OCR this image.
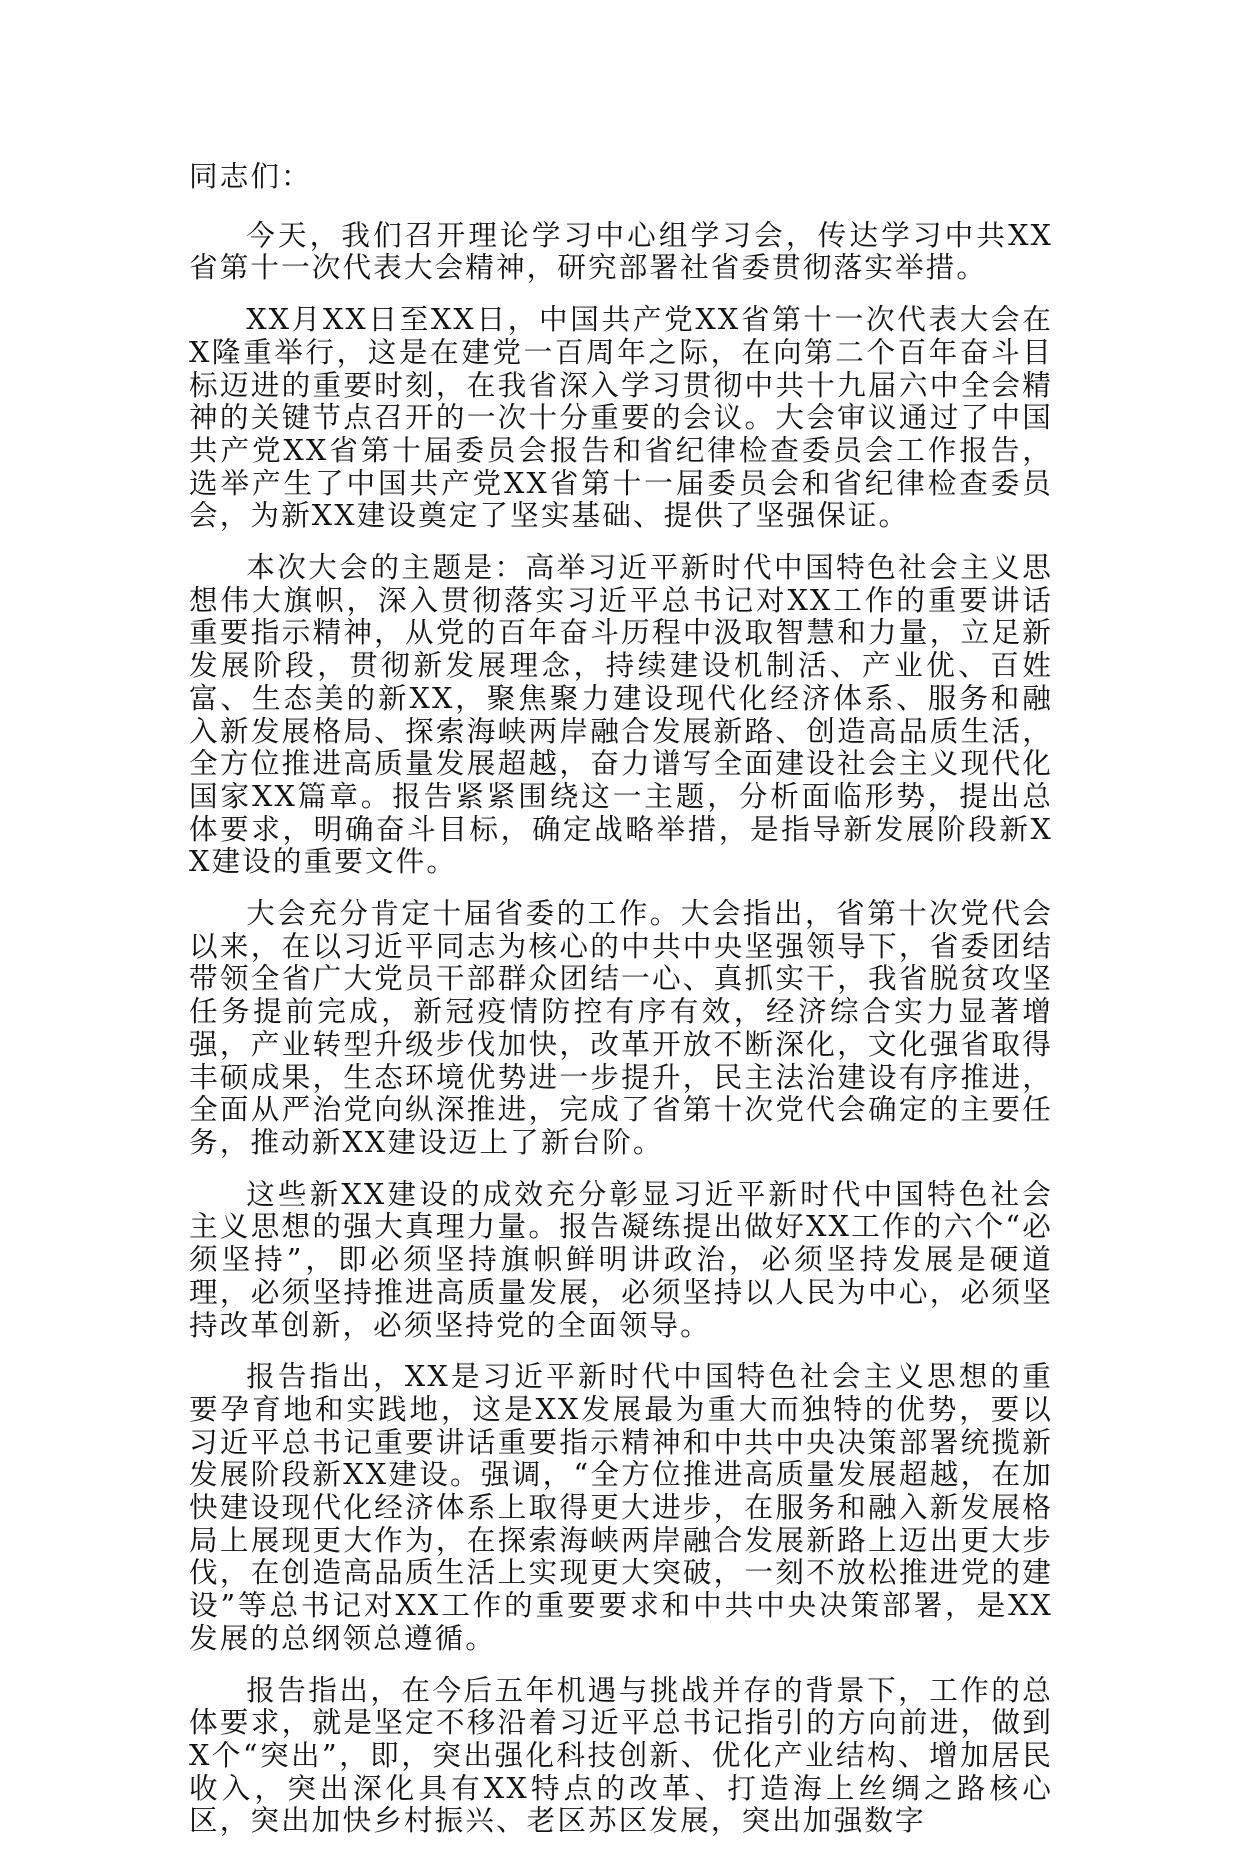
同志们：

今天，我们召开理论学习中心组学习会，传达学习中共XX省第十一次代表大会精神，研究部署社省委贯彻落实举措。

XX月XX日至XX日，中国共产党XX省第十一次代表大会在X隆重举行，这是在建党一百周年之际，在向第二个百年奋斗目标迈进的重要时刻，在我省深入学习贯彻中共十九届六中全会精神的关键节点召开的一次十分重要的会议。大会审议通过了中国共产党XX省第十届委员会报告和省纪律检查委员会工作报告，选举产生了中国共产党XX省第十一届委员会和省纪律检查委员会，为新XX建设奠定了坚实基础、提供了坚强保证。

本次大会的主题是：高举习近平新时代中国特色社会主义思想伟大旗帜，深入贯彻落实习近平总书记对XX工作的重要讲话重要指示精神，从党的百年奋斗历程中汲取智慧和力量，立足新发展阶段，贯彻新发展理念，持续建设机制活、产业优、百姓富、生态美的新XX，聚焦聚力建设现代化经济体系、服务和融入新发展格局、探索海峡两岸融合发展新路、创造高品质生活，全方位推进高质量发展超越，奋力谱写全面建设社会主义现代化国家XX篇章。报告紧紧围绕这一主题，分析面临形势，提出总体要求，明确奋斗目标，确定战略举措，是指导新发展阶段新XX建设的重要文件。

大会充分肯定十届省委的工作。大会指出，省第十次党代会以来，在以习近平同志为核心的中共中央坚强领导下，省委团结带领全省广大党员干部群众团结一心、真抓实干，我省脱贫攻坚任务提前完成，新冠疫情防控有序有效，经济综合实力显著增强，产业转型升级步伐加快，改革开放不断深化，文化强省取得丰硕成果，生态环境优势进一步提升，民主法治建设有序推进，全面从严治党向纵深推进，完成了省第十次党代会确定的主要任务，推动新XX建设迈上了新台阶。

这些新XX建设的成效充分彰显习近平新时代中国特色社会主义思想的强大真理力量。报告凝练提出做好XX工作的六个“必须坚持”，即必须坚持旗帜鲜明讲政治，必须坚持发展是硬道理，必须坚持推进高质量发展，必须坚持以人民为中心，必须坚持改革创新，必须坚持党的全面领导。

报告指出，XX是习近平新时代中国特色社会主义思想的重要孕育地和实践地，这是XX发展最为重大而独特的优势，要以习近平总书记重要讲话重要指示精神和中共中央决策部署统揽新发展阶段新XX建设。强调，“全方位推进高质量发展超越，在加快建设现代化经济体系上取得更大进步，在服务和融入新发展格局上展现更大作为，在探索海峡两岸融合发展新路上迈出更大步伐，在创造高品质生活上实现更大突破，一刻不放松推进党的建设”等总书记对XX工作的重要要求和中共中央决策部署，是XX发展的总纲领总遵循。

报告指出，在今后五年机遇与挑战并存的背景下，工作的总体要求，就是坚定不移沿着习近平总书记指引的方向前进，做到X个“突出”，即，突出强化科技创新、优化产业结构、增加居民收入，突出深化具有XX特点的改革、打造海上丝绸之路核心区，突出加快乡村振兴、老区苏区发展，突出加强数字
